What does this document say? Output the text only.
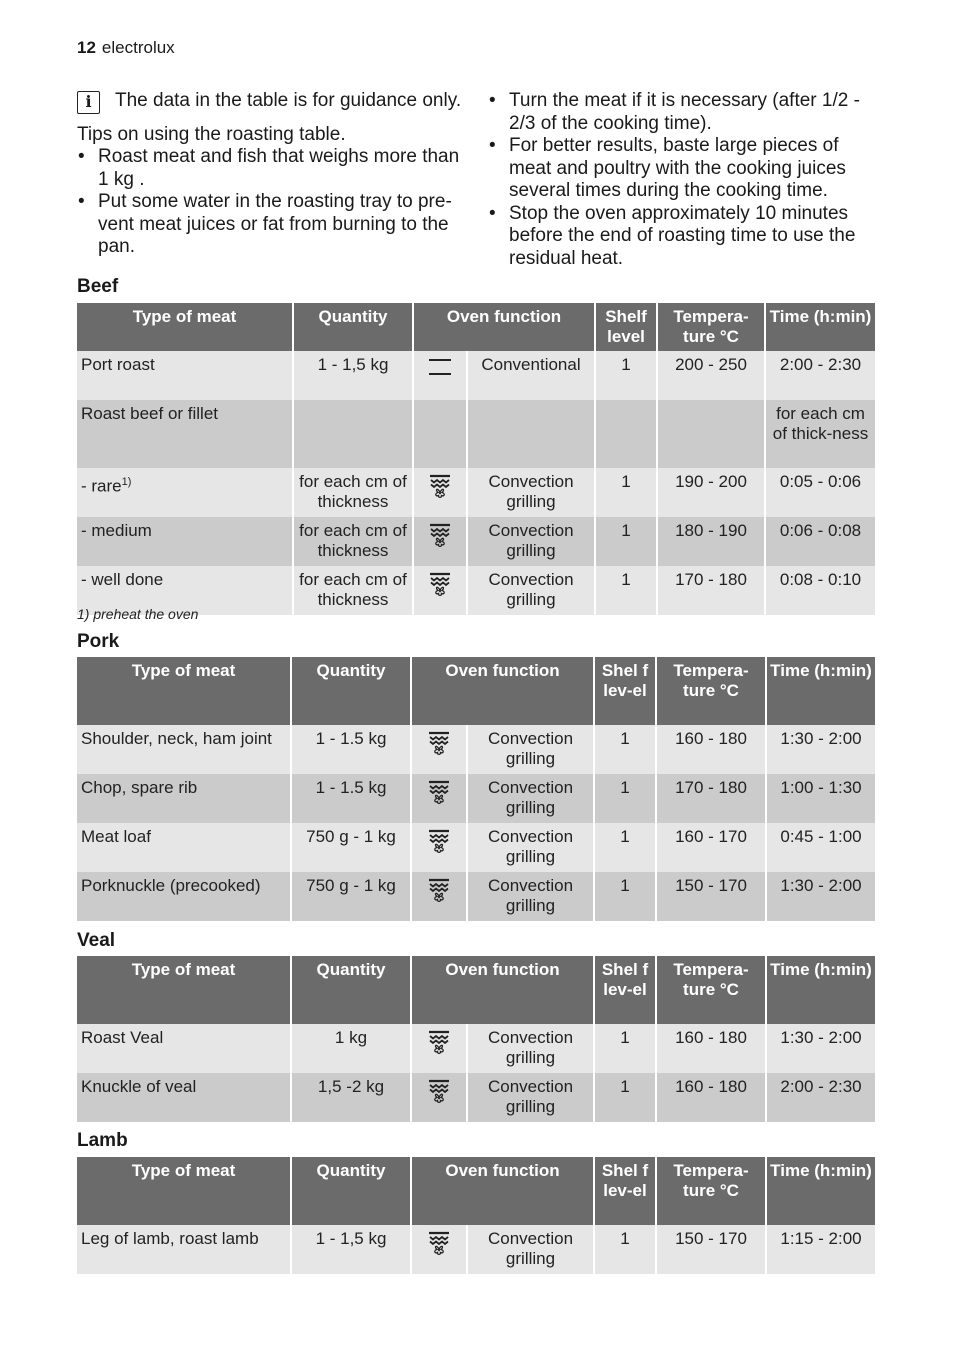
12 electrolux
i	The data in the table is for guidance only.
Tips on using the roasting table.
• Roast meat and fish that weighs more than 1 kg .
• Put some water in the roasting tray to pre-vent meat juices or fat from burning to the pan.
• Turn the meat if it is necessary (after 1/2 - 2/3 of the cooking time).
• For better results, baste large pieces of meat and poultry with the cooking juices several times during the cooking time.
• Stop the oven approximately 10 minutes before the end of roasting time to use the residual heat.
Beef
Type of meat	Quantity	Oven function		Shelf level	Tempera-ture °C	Time (h:min)
Port roast	1 - 1,5 kg		Conventional	1	200 - 250	2:00 - 2:30
Roast beef or fillet						for each cm of thick-ness
- rare$^{1)}$	for each cm of thickness		Convection grilling	1	190 - 200	0:05 - 0:06
- medium	for each cm of thickness		Convection grilling	1	180 - 190	0:06 - 0:08
- well done	for each cm of thickness		Convection grilling	1	170 - 180	0:08 - 0:10
1) preheat the oven
Pork
Type of meat	Quantity	Oven function		Shel f lev-el	Tempera-ture °C	Time (h:min)
Shoulder, neck, ham joint	1 - 1.5 kg		Convection grilling	1	160 - 180	1:30 - 2:00
Chop, spare rib	1 - 1.5 kg		Convection grilling	1	170 - 180	1:00 - 1:30
Meat loaf	750 g - 1 kg		Convection grilling	1	160 - 170	0:45 - 1:00
Porknuckle (precooked)	750 g - 1 kg		Convection grilling	1	150 - 170	1:30 - 2:00
Veal
Type of meat	Quantity	Oven function		Shel f lev-el	Tempera-ture °C	Time (h:min)
Roast Veal	1 kg		Convection grilling	1	160 - 180	1:30 - 2:00
Knuckle of veal	1,5 -2 kg		Convection grilling	1	160 - 180	2:00 - 2:30
Lamb
Type of meat	Quantity	Oven function		Shel f lev-el	Tempera-ture °C	Time (h:min)
Leg of lamb, roast lamb	1 - 1,5 kg		Convection grilling	1	150 - 170	1:15 - 2:00
